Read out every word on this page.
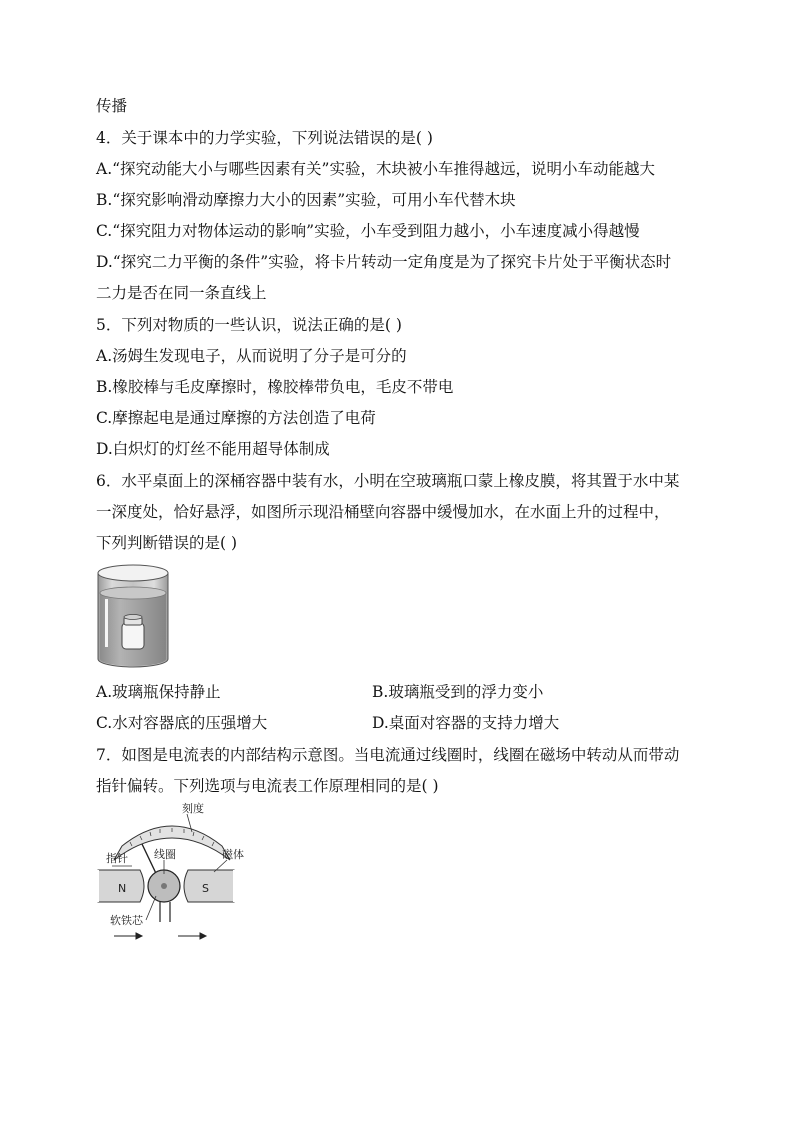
传播
4．关于课本中的力学实验，下列说法错误的是( )
A.“探究动能大小与哪些因素有关”实验，木块被小车推得越远，说明小车动能越大
B.“探究影响滑动摩擦力大小的因素”实验，可用小车代替木块
C.“探究阻力对物体运动的影响”实验，小车受到阻力越小，小车速度减小得越慢
D.“探究二力平衡的条件”实验，将卡片转动一定角度是为了探究卡片处于平衡状态时
二力是否在同一条直线上
5．下列对物质的一些认识，说法正确的是( )
A.汤姆生发现电子，从而说明了分子是可分的
B.橡胶棒与毛皮摩擦时，橡胶棒带负电，毛皮不带电
C.摩擦起电是通过摩擦的方法创造了电荷
D.白炽灯的灯丝不能用超导体制成
6．水平桌面上的深桶容器中装有水，小明在空玻璃瓶口蒙上橡皮膜，将其置于水中某
一深度处，恰好悬浮，如图所示现沿桶壁向容器中缓慢加水，在水面上升的过程中，
下列判断错误的是( )
A.玻璃瓶保持静止	B.玻璃瓶受到的浮力变小
C.水对容器底的压强增大	D.桌面对容器的支持力增大
7．如图是电流表的内部结构示意图。当电流通过线圈时，线圈在磁场中转动从而带动
指针偏转。下列选项与电流表工作原理相同的是( )
刻度
指针
N	S
磁体
线圈
软铁芯
